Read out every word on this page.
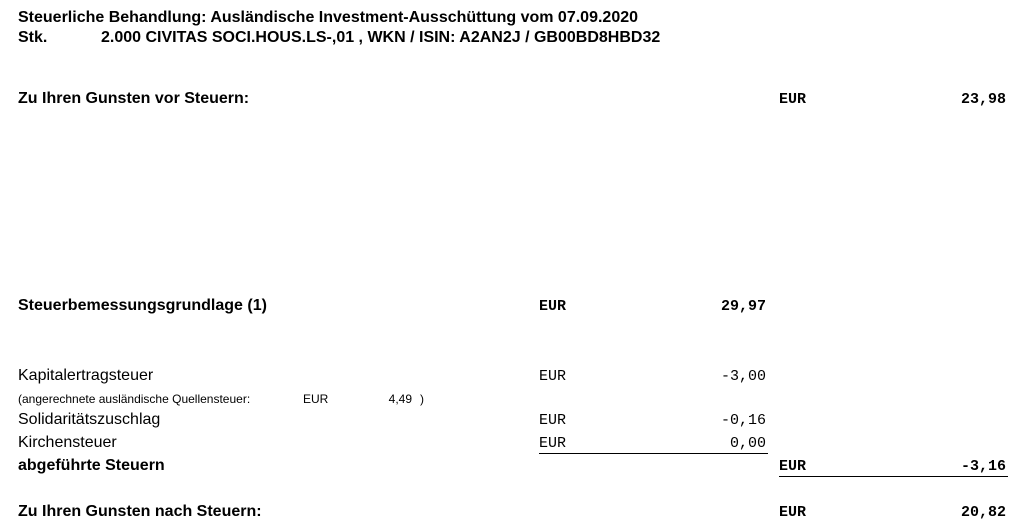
Steuerliche Behandlung: Ausländische Investment-Ausschüttung vom 07.09.2020
Stk.	2.000 CIVITAS SOCI.HOUS.LS-,01 , WKN / ISIN: A2AN2J / GB00BD8HBD32
Zu Ihren Gunsten vor Steuern:	EUR	23,98
Steuerbemessungsgrundlage (1)	EUR	29,97
Kapitalertragsteuer	EUR	-3,00
(angerechnete ausländische Quellensteuer:	EUR	4,49 )
Solidaritätszuschlag	EUR	-0,16
Kirchensteuer	EUR	0,00
abgeführte Steuern	EUR	-3,16
Zu Ihren Gunsten nach Steuern:	EUR	20,82
